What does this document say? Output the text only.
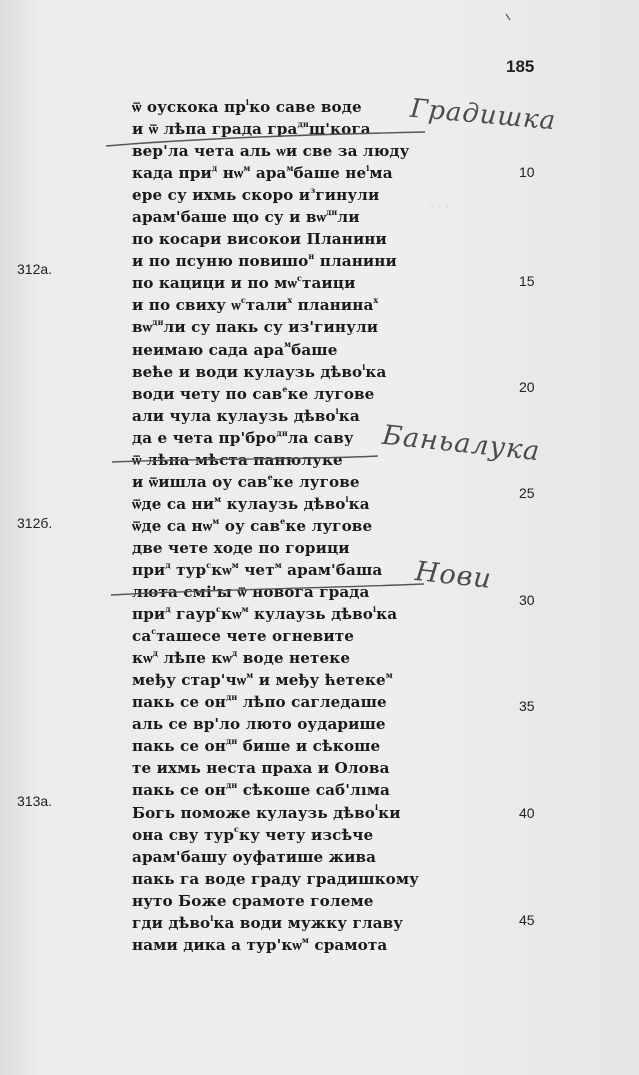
· · ·
185
ѿ оускока $пр^іко$ саве воде
и ѿ лѣпа града гра$^{дн}$ш'кога
вер'ла чета аль ѡи све за люду
када при$^д$ $нѡ^м$ ара$^м$баше $не^іма$
ере су ихмь скоро $и^згинули$
арам'баше що су и $вѡ^{дн}ли$
по косари високои Планини
и по псуню повишо$^н$ планини
по кацици и по $мѡ^стаици$
и по свиху $ѡ^стали^х$ планина$^х$
$вѡ^{дн}ли$ су пакь су из'гинули
неимаю сада ара$^м$баше
веће и води кулаузь дѣво$^і$ка
води чету по сав$^е$ке лугове
али чула кулаузь дѣво$^і$ка
да е чета пр'бро$^{дн}$ла саву
ѿ лѣпа мѣста панюлуке
и ѿишла оу сав$^е$ке лугове
ѿде са $ни^м$ кулаузь дѣво$^і$ка
ѿде са $нѡ^м$ оу сав$^е$ке лугове
две чете ходе по горици
при$^д$ $тур^скѡ^м$ чет$^м$ арам'баша
люта смі'ы ѿ новога града
при$^д$ $гаур^скѡ^м$ кулаузь дѣво$^і$ка
$са^сташесе$ чете огневите
$кѡ^д$ лѣпе $кѡ^д$ воде нетеке
међу $стар'чѡ^м$ и међу ћетеке$^м$
пакь се $он^{дн}$ лѣпо сагледаше
аль се вр'ло люто оударише
пакь се $он^{дн}$ бише и сѣкоше
те ихмь неста праха и Олова
пакь се $он^{дн}$ сѣкоше саб'лıма
Богь поможе кулаузь дѣво$^і$ки
она сву тур$^с$ку чету изсѣче
арам'башу оуфатише жива
пакь га воде граду градишкому
нуто Боже срамоте големе
гди дѣво$^і$ка води мужку главу
нами дика а $тур'кѡ^м$ срамота
10
15
20
25
30
35
40
45
312а.
312б.
313а.
Градишка
Баньалука
Нови
